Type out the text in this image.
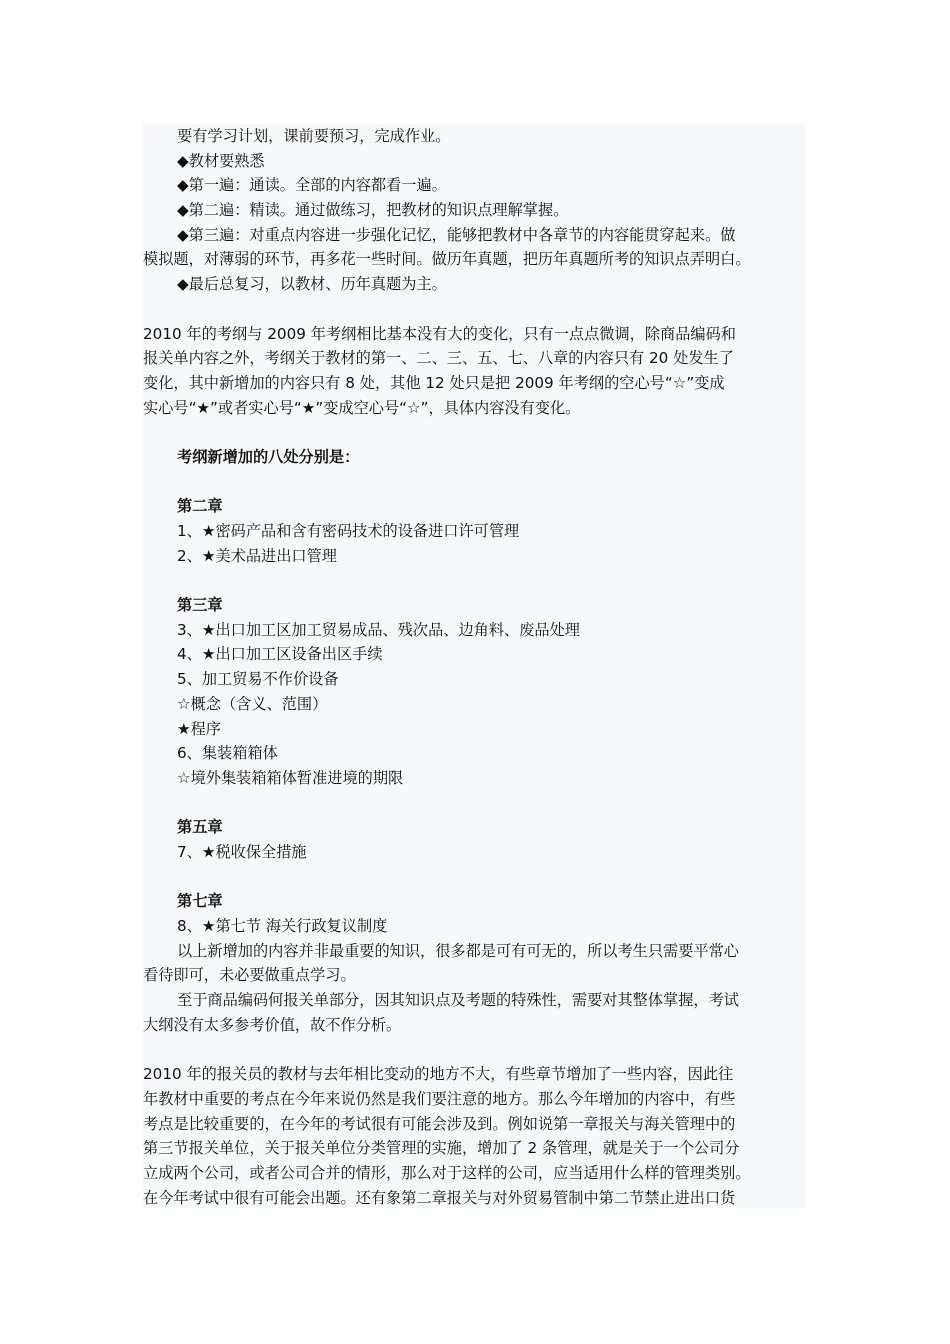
要有学习计划，课前要预习，完成作业。
◆教材要熟悉
◆第一遍：通读。全部的内容都看一遍。
◆第二遍：精读。通过做练习，把教材的知识点理解掌握。
◆第三遍：对重点内容进一步强化记忆，能够把教材中各章节的内容能贯穿起来。做
模拟题，对薄弱的环节，再多花一些时间。做历年真题，把历年真题所考的知识点弄明白。
◆最后总复习，以教材、历年真题为主。
2010 年的考纲与 2009 年考纲相比基本没有大的变化，只有一点点微调，除商品编码和
报关单内容之外，考纲关于教材的第一、二、三、五、七、八章的内容只有 20 处发生了
变化，其中新增加的内容只有 8 处，其他 12 处只是把 2009 年考纲的空心号“☆”变成
实心号“★”或者实心号“★”变成空心号“☆”，具体内容没有变化。
考纲新增加的八处分别是：
第二章
1、★密码产品和含有密码技术的设备进口许可管理
2、★美术品进出口管理
第三章
3、★出口加工区加工贸易成品、残次品、边角料、废品处理
4、★出口加工区设备出区手续
5、加工贸易不作价设备
☆概念（含义、范围）
★程序
6、集装箱箱体
☆境外集装箱箱体暂准进境的期限
第五章
7、★税收保全措施
第七章
8、★第七节 海关行政复议制度
以上新增加的内容并非最重要的知识，很多都是可有可无的，所以考生只需要平常心
看待即可，未必要做重点学习。
至于商品编码何报关单部分，因其知识点及考题的特殊性，需要对其整体掌握，考试
大纲没有太多参考价值，故不作分析。
2010 年的报关员的教材与去年相比变动的地方不大，有些章节增加了一些内容，因此往
年教材中重要的考点在今年来说仍然是我们要注意的地方。那么今年增加的内容中，有些
考点是比较重要的，在今年的考试很有可能会涉及到。例如说第一章报关与海关管理中的
第三节报关单位，关于报关单位分类管理的实施，增加了 2 条管理，就是关于一个公司分
立成两个公司，或者公司合并的情形，那么对于这样的公司，应当适用什么样的管理类别。
在今年考试中很有可能会出题。还有象第二章报关与对外贸易管制中第二节禁止进出口货
